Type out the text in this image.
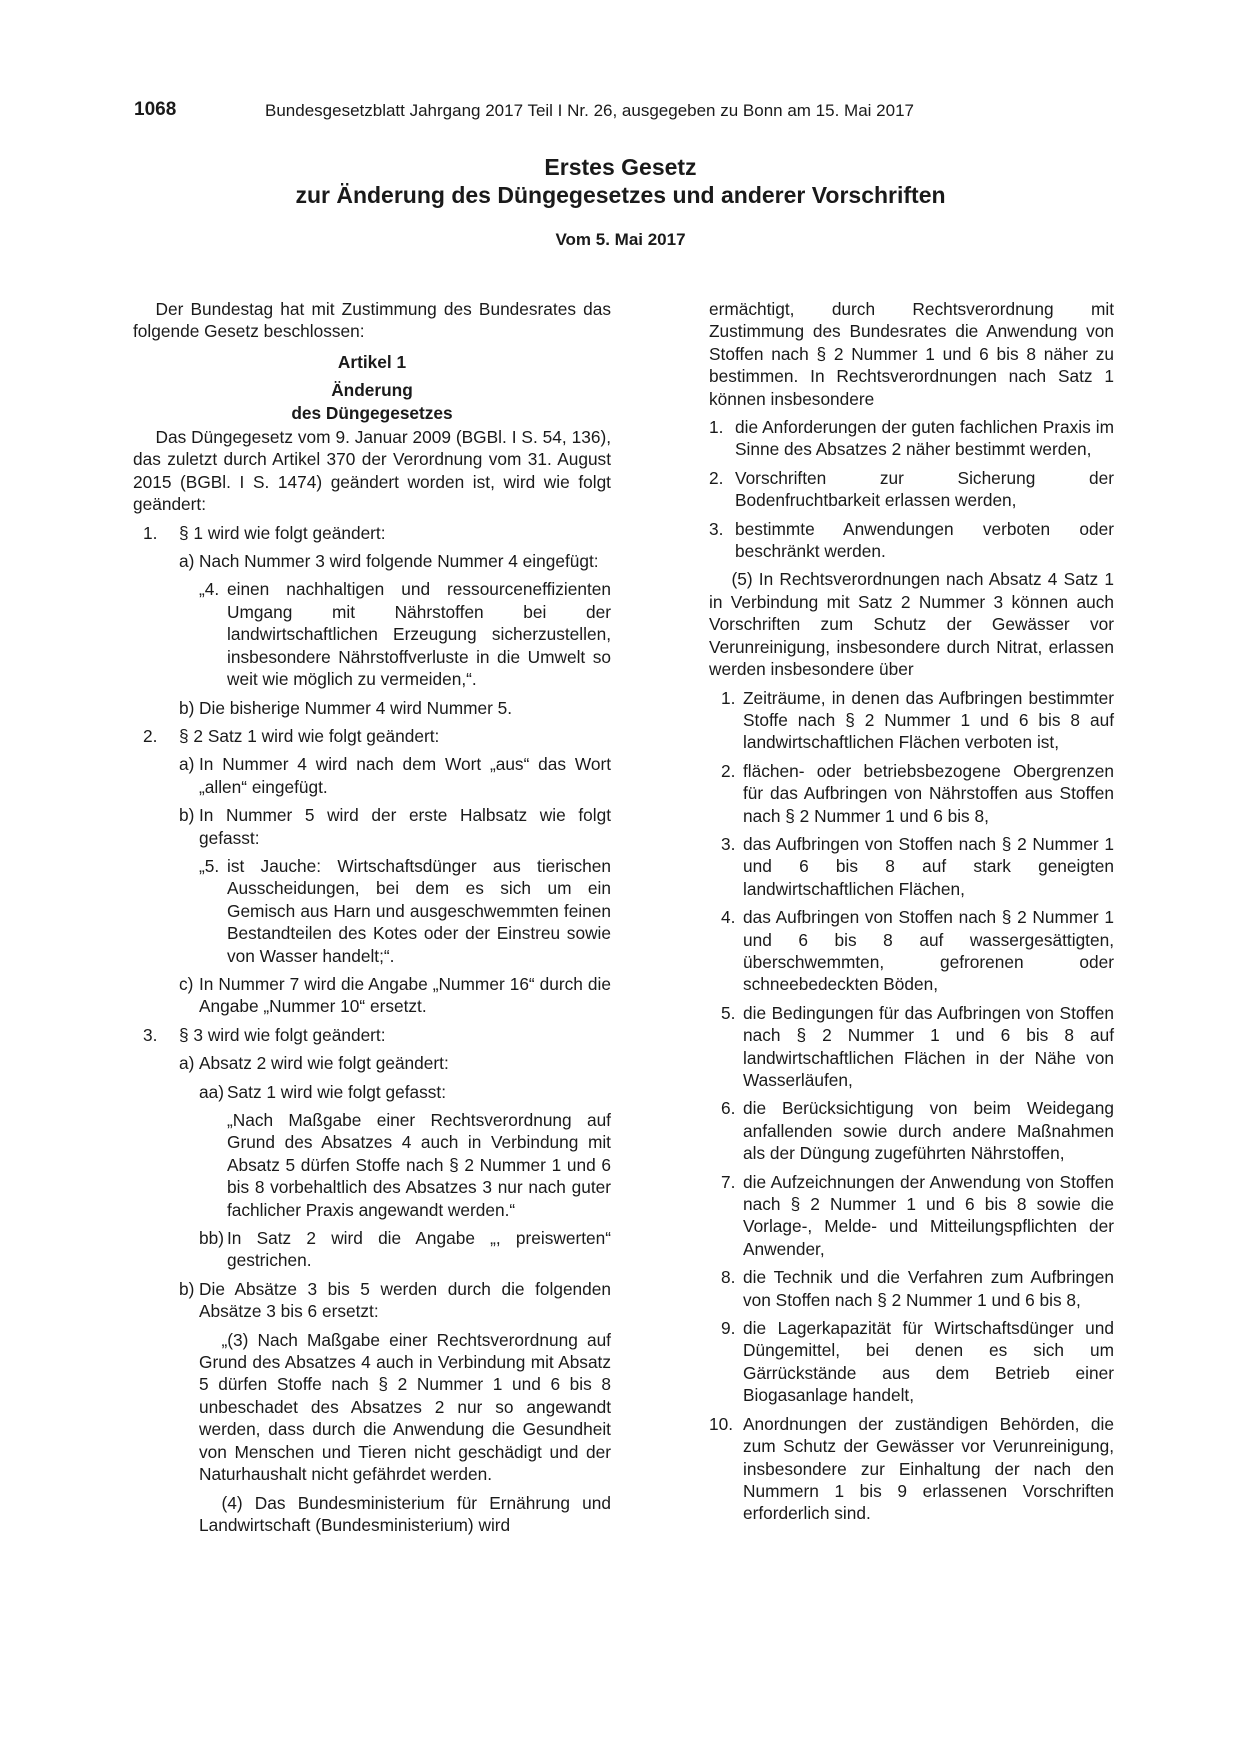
1068	Bundesgesetzblatt Jahrgang 2017 Teil I Nr. 26, ausgegeben zu Bonn am 15. Mai 2017
Erstes Gesetz
zur Änderung des Düngegesetzes und anderer Vorschriften
Vom 5. Mai 2017

Der Bundestag hat mit Zustimmung des Bundesrates das folgende Gesetz beschlossen:

Artikel 1

Änderung

des Düngegesetzes

Das Düngegesetz vom 9. Januar 2009 (BGBl. I S. 54, 136), das zuletzt durch Artikel 370 der Verordnung vom 31. August 2015 (BGBl. I S. 1474) geändert worden ist, wird wie folgt geändert:

1. § 1 wird wie folgt geändert:
a) Nach Nummer 3 wird folgende Nummer 4 eingefügt:
„4. einen nachhaltigen und ressourceneffizienten Umgang mit Nährstoffen bei der landwirtschaftlichen Erzeugung sicherzustellen, insbesondere Nährstoffverluste in die Umwelt so weit wie möglich zu vermeiden,“.
b) Die bisherige Nummer 4 wird Nummer 5.
2. § 2 Satz 1 wird wie folgt geändert:
a) In Nummer 4 wird nach dem Wort „aus“ das Wort „allen“ eingefügt.
b) In Nummer 5 wird der erste Halbsatz wie folgt gefasst:
„5. ist Jauche: Wirtschaftsdünger aus tierischen Ausscheidungen, bei dem es sich um ein Gemisch aus Harn und ausgeschwemmten feinen Bestandteilen des Kotes oder der Einstreu sowie von Wasser handelt;“.
c) In Nummer 7 wird die Angabe „Nummer 16“ durch die Angabe „Nummer 10“ ersetzt.
3. § 3 wird wie folgt geändert:
a) Absatz 2 wird wie folgt geändert:
aa) Satz 1 wird wie folgt gefasst:

„Nach Maßgabe einer Rechtsverordnung auf Grund des Absatzes 4 auch in Verbindung mit Absatz 5 dürfen Stoffe nach § 2 Nummer 1 und 6 bis 8 vorbehaltlich des Absatzes 3 nur nach guter fachlicher Praxis angewandt werden.“

bb) In Satz 2 wird die Angabe „, preiswerten“ gestrichen.
b) Die Absätze 3 bis 5 werden durch die folgenden Absätze 3 bis 6 ersetzt:

„(3) Nach Maßgabe einer Rechtsverordnung auf Grund des Absatzes 4 auch in Verbindung mit Absatz 5 dürfen Stoffe nach § 2 Nummer 1 und 6 bis 8 unbeschadet des Absatzes 2 nur so angewandt werden, dass durch die Anwendung die Gesundheit von Menschen und Tieren nicht geschädigt und der Naturhaushalt nicht gefährdet werden.

(4) Das Bundesministerium für Ernährung und Landwirtschaft (Bundesministerium) wird

ermächtigt, durch Rechtsverordnung mit Zustimmung des Bundesrates die Anwendung von Stoffen nach § 2 Nummer 1 und 6 bis 8 näher zu bestimmen. In Rechtsverordnungen nach Satz 1 können insbesondere

1. die Anforderungen der guten fachlichen Praxis im Sinne des Absatzes 2 näher bestimmt werden,
2. Vorschriften zur Sicherung der Bodenfruchtbarkeit erlassen werden,
3. bestimmte Anwendungen verboten oder beschränkt werden.

(5) In Rechtsverordnungen nach Absatz 4 Satz 1 in Verbindung mit Satz 2 Nummer 3 können auch Vorschriften zum Schutz der Gewässer vor Verunreinigung, insbesondere durch Nitrat, erlassen werden insbesondere über

1. Zeiträume, in denen das Aufbringen bestimmter Stoffe nach § 2 Nummer 1 und 6 bis 8 auf landwirtschaftlichen Flächen verboten ist,
2. flächen- oder betriebsbezogene Obergrenzen für das Aufbringen von Nährstoffen aus Stoffen nach § 2 Nummer 1 und 6 bis 8,
3. das Aufbringen von Stoffen nach § 2 Nummer 1 und 6 bis 8 auf stark geneigten landwirtschaftlichen Flächen,
4. das Aufbringen von Stoffen nach § 2 Nummer 1 und 6 bis 8 auf wassergesättigten, überschwemmten, gefrorenen oder schneebedeckten Böden,
5. die Bedingungen für das Aufbringen von Stoffen nach § 2 Nummer 1 und 6 bis 8 auf landwirtschaftlichen Flächen in der Nähe von Wasserläufen,
6. die Berücksichtigung von beim Weidegang anfallenden sowie durch andere Maßnahmen als der Düngung zugeführten Nährstoffen,
7. die Aufzeichnungen der Anwendung von Stoffen nach § 2 Nummer 1 und 6 bis 8 sowie die Vorlage-, Melde- und Mitteilungspflichten der Anwender,
8. die Technik und die Verfahren zum Aufbringen von Stoffen nach § 2 Nummer 1 und 6 bis 8,
9. die Lagerkapazität für Wirtschaftsdünger und Düngemittel, bei denen es sich um Gärrückstände aus dem Betrieb einer Biogasanlage handelt,
10. Anordnungen der zuständigen Behörden, die zum Schutz der Gewässer vor Verunreinigung, insbesondere zur Einhaltung der nach den Nummern 1 bis 9 erlassenen Vorschriften erforderlich sind.
